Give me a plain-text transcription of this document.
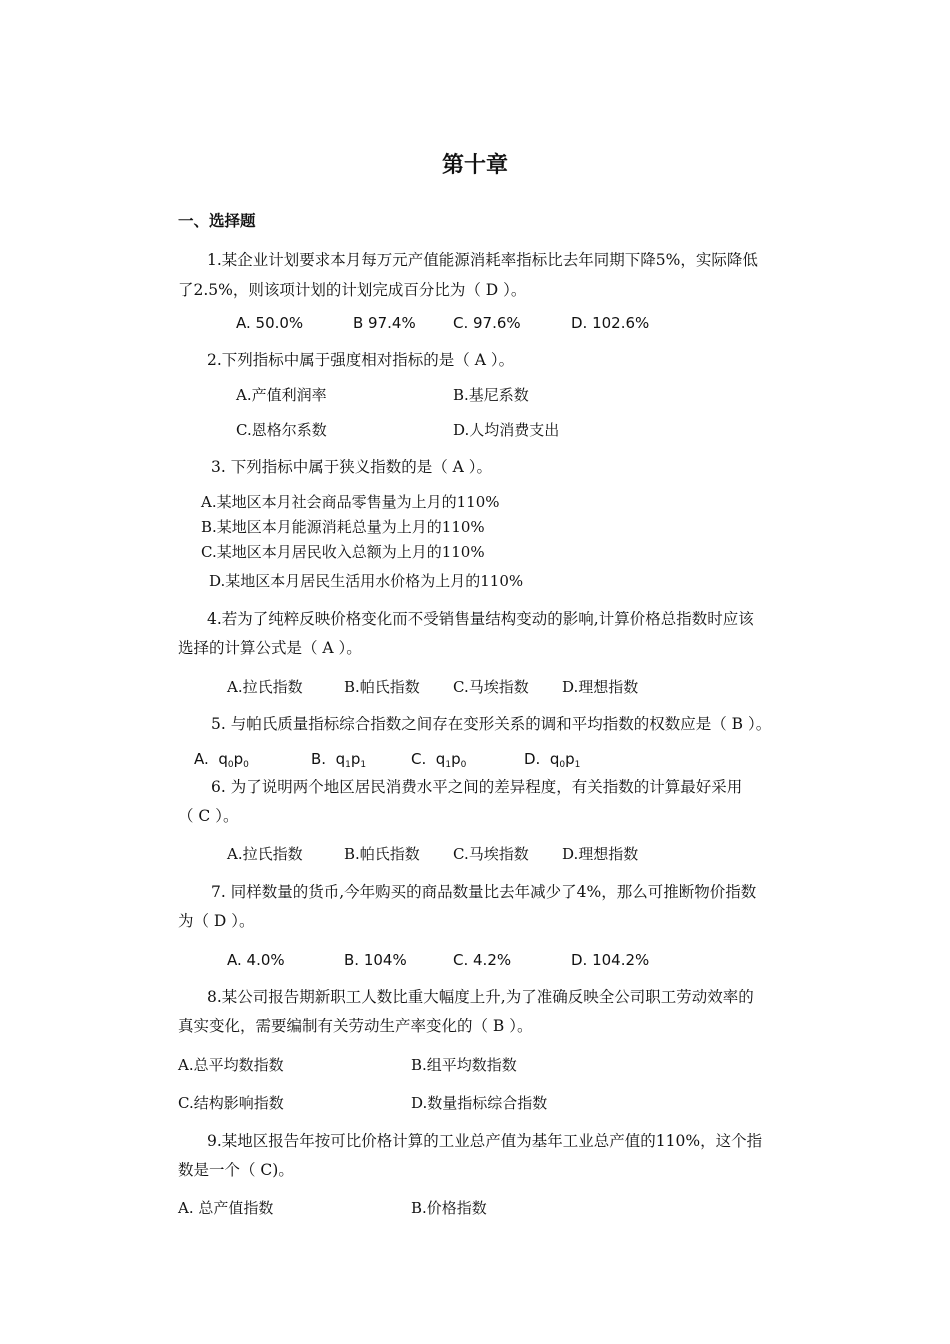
第十章
一、选择题
1.某企业计划要求本月每万元产值能源消耗率指标比去年同期下降5%，实际降低
了2.5%，则该项计划的计划完成百分比为（ D ）。
A. 50.0%	B 97.4% C. 97.6%	D. 102.6%
2.下列指标中属于强度相对指标的是（ A ）。
A.产值利润率	B.基尼系数
C.恩格尔系数	D.人均消费支出
3. 下列指标中属于狭义指数的是（ A ）。
A.某地区本月社会商品零售量为上月的110%
B.某地区本月能源消耗总量为上月的110%
C.某地区本月居民收入总额为上月的110%
D.某地区本月居民生活用水价格为上月的110%
4.若为了纯粹反映价格变化而不受销售量结构变动的影响,计算价格总指数时应该
选择的计算公式是（ A ）。
A.拉氏指数	B.帕氏指数 C.马埃指数 D.理想指数
5. 与帕氏质量指标综合指数之间存在变形关系的调和平均指数的权数应是（ B ）。
A. $q_0p_0$	B. $q_1p_1$	C. $q_1p_0$	D. $q_0p_1$
6. 为了说明两个地区居民消费水平之间的差异程度，有关指数的计算最好采用
（ C ）。
A.拉氏指数	B.帕氏指数 C.马埃指数 D.理想指数
7. 同样数量的货币,今年购买的商品数量比去年减少了4%，那么可推断物价指数
为（ D ）。
A. 4.0%	B. 104%	C. 4.2%	D. 104.2%
8.某公司报告期新职工人数比重大幅度上升,为了准确反映全公司职工劳动效率的
真实变化，需要编制有关劳动生产率变化的（ B ）。
A.总平均数指数	B.组平均数指数
C.结构影响指数	D.数量指标综合指数
9.某地区报告年按可比价格计算的工业总产值为基年工业总产值的110%，这个指
数是一个（ C)。
A. 总产值指数	B.价格指数
